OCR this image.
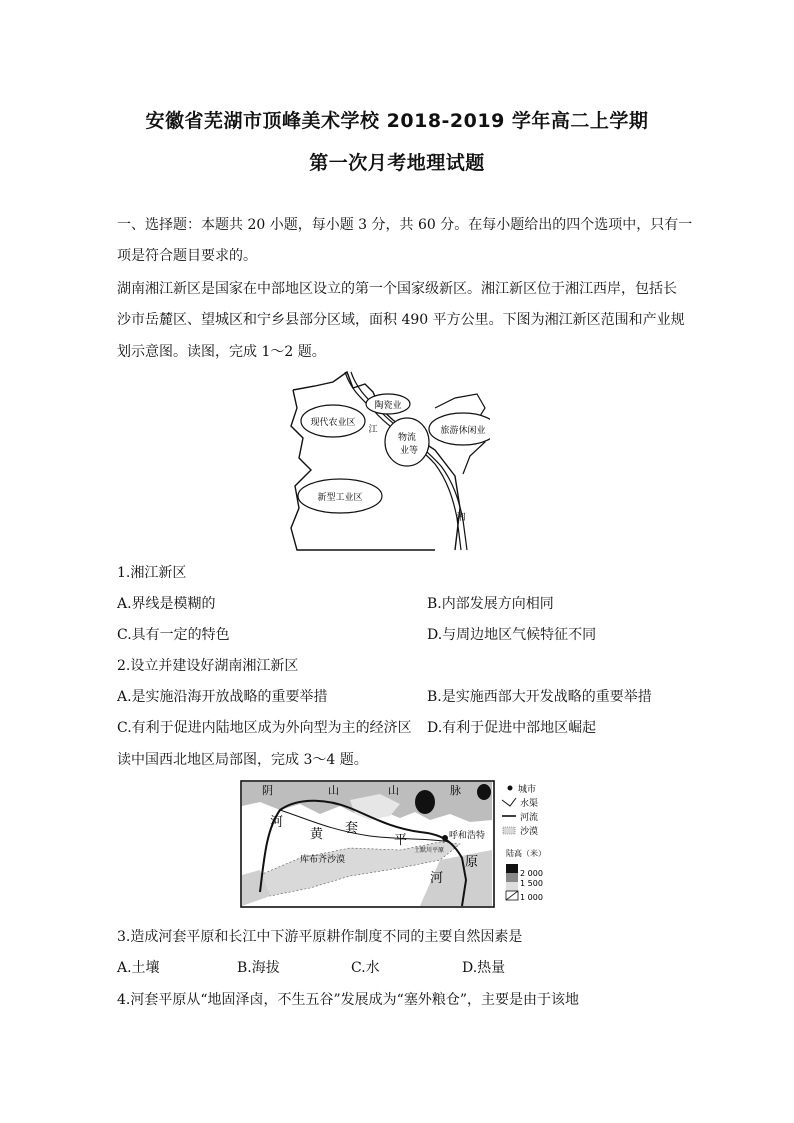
安徽省芜湖市顶峰美术学校 2018-2019 学年高二上学期
第一次月考地理试题
一、选择题：本题共 20 小题，每小题 3 分，共 60 分。在每小题给出的四个选项中，只有一
项是符合题目要求的。
湖南湘江新区是国家在中部地区设立的第一个国家级新区。湘江新区位于湘江西岸，包括长
沙市岳麓区、望城区和宁乡县部分区域，面积 490 平方公里。下图为湘江新区范围和产业规
划示意图。读图，完成 1～2 题。
陶瓷业
现代农业区
物流
业等
旅游休闲业
江
新型工业区
湘
1.湘江新区
A.界线是模糊的	B.内部发展方向相同
C.具有一定的特色	D.与周边地区气候特征不同
2.设立并建设好湖南湘江新区
A.是实施沿海开放战略的重要举措	B.是实施西部大开发战略的重要举措
C.有利于促进内陆地区成为外向型为主的经济区 D.有利于促进中部地区崛起
读中国西北地区局部图，完成 3～4 题。
阴	山	山	脉
河
黄 套
平
原
河
呼和浩特
土默川平原
库布齐沙漠
城市
水渠
河流
沙漠
陆高（米）
2 000
1 500
1 000
3.造成河套平原和长江中下游平原耕作制度不同的主要自然因素是
A.土壤	B.海拔	C.水	D.热量
4.河套平原从“地固泽卤，不生五谷”发展成为“塞外粮仓”，主要是由于该地
